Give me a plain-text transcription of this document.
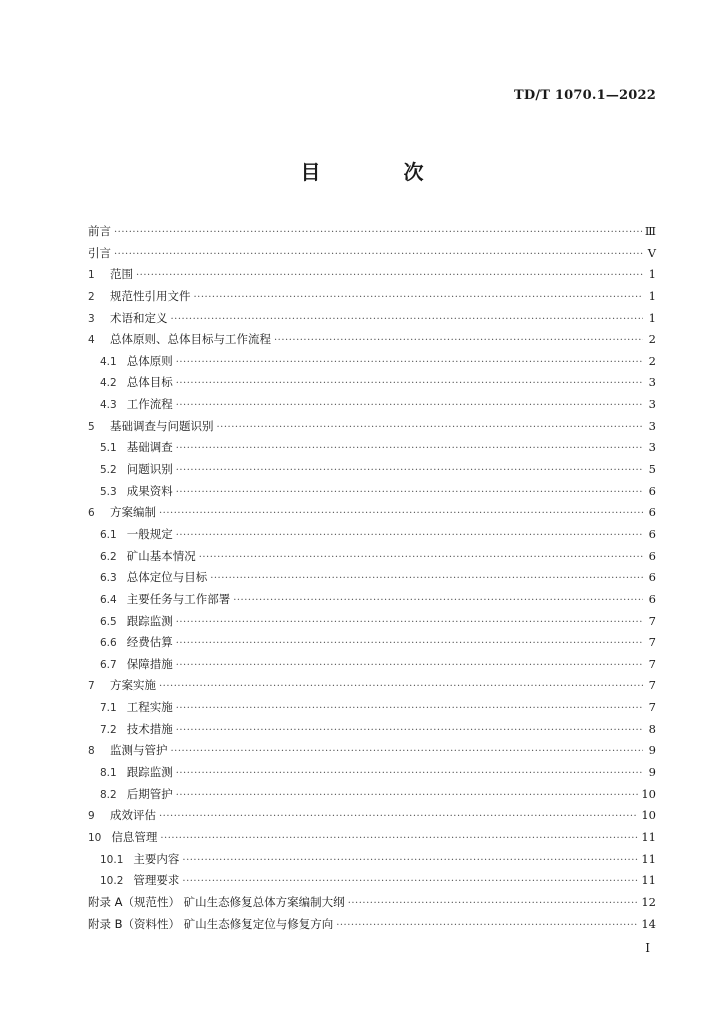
TD/T 1070.1—2022
目 次
前言 ·····	Ⅲ
引言 ·····	Ⅴ
1	范围 ·····	1
2	规范性引用文件 ·····	1
3	术语和定义 ·····	1
4	总体原则、总体目标与工作流程 ·····	2
4.1 总体原则 ·····	2
4.2 总体目标 ·····	3
4.3 工作流程 ·····	3
5	基础调查与问题识别 ·····	3
5.1 基础调查 ·····	3
5.2 问题识别 ·····	5
5.3 成果资料 ·····	6
6	方案编制 ·····	6
6.1 一般规定 ·····	6
6.2 矿山基本情况 ·····	6
6.3 总体定位与目标 ·····	6
6.4 主要任务与工作部署 ·····	6
6.5 跟踪监测 ·····	7
6.6 经费估算 ·····	7
6.7 保障措施 ·····	7
7	方案实施 ·····	7
7.1 工程实施 ·····	7
7.2 技术措施 ·····	8
8	监测与管护 ·····	9
8.1 跟踪监测 ·····	9
8.2 后期管护 ·····	10
9	成效评估 ·····	10
10 信息管理 ·····	11
10.1 主要内容 ·····	11
10.2 管理要求 ·····	11
附录 A（规范性） 矿山生态修复总体方案编制大纲 ·····	12
附录 B（资料性） 矿山生态修复定位与修复方向 ·····	14
I
